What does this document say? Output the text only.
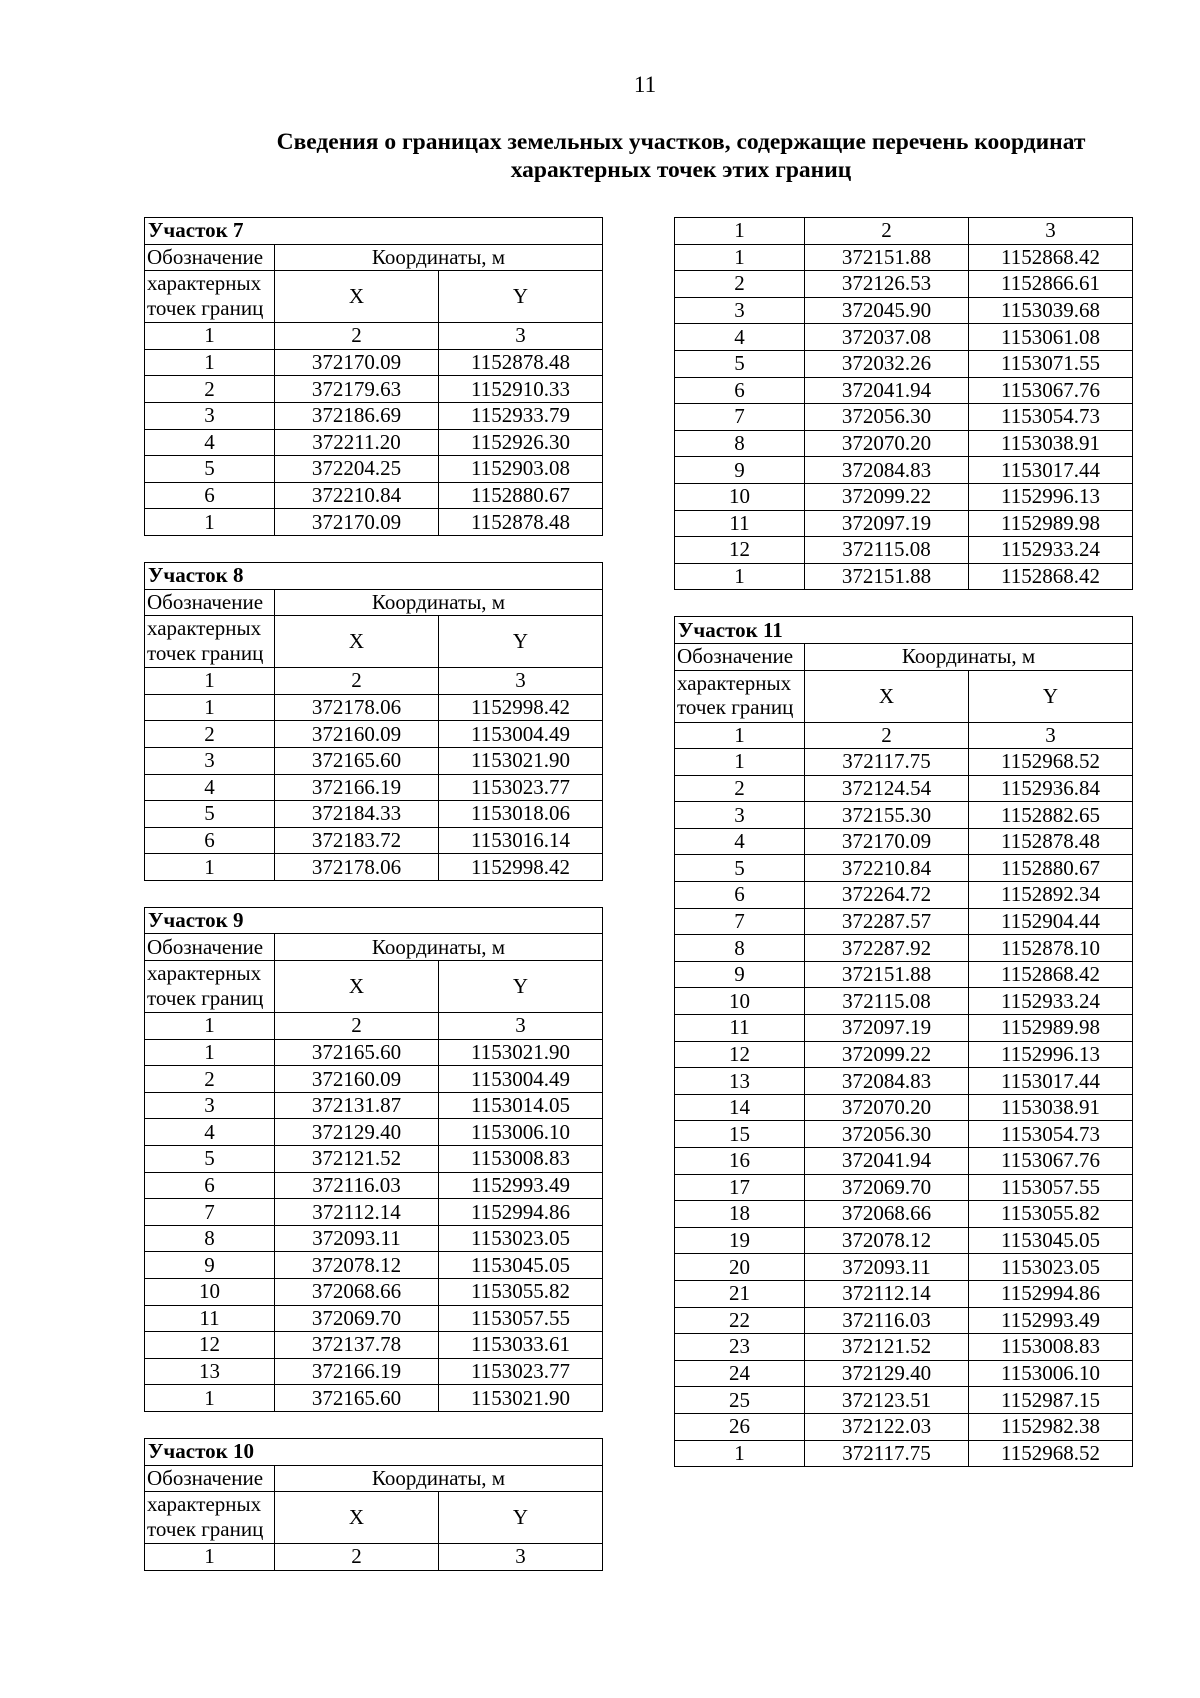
11
Сведения о границах земельных участков, содержащие перечень координат характерных точек этих границ
Участок 7		
Обозначение	Координаты, м	

характерных
точек границ	X	Y
1	2	3
1	372170.09	1152878.48
2	372179.63	1152910.33
3	372186.69	1152933.79
4	372211.20	1152926.30
5	372204.25	1152903.08
6	372210.84	1152880.67
1	372170.09	1152878.48
Участок 8		
Обозначение	Координаты, м	

характерных
точек границ	X	Y
1	2	3
1	372178.06	1152998.42
2	372160.09	1153004.49
3	372165.60	1153021.90
4	372166.19	1153023.77
5	372184.33	1153018.06
6	372183.72	1153016.14
1	372178.06	1152998.42
Участок 9		
Обозначение	Координаты, м	

характерных
точек границ	X	Y
1	2	3
1	372165.60	1153021.90
2	372160.09	1153004.49
3	372131.87	1153014.05
4	372129.40	1153006.10
5	372121.52	1153008.83
6	372116.03	1152993.49
7	372112.14	1152994.86
8	372093.11	1153023.05
9	372078.12	1153045.05
10	372068.66	1153055.82
11	372069.70	1153057.55
12	372137.78	1153033.61
13	372166.19	1153023.77
1	372165.60	1153021.90
Участок 10		
Обозначение	Координаты, м	

характерных
точек границ	X	Y
1	2	3
1	2	3
1	372151.88	1152868.42
2	372126.53	1152866.61
3	372045.90	1153039.68
4	372037.08	1153061.08
5	372032.26	1153071.55
6	372041.94	1153067.76
7	372056.30	1153054.73
8	372070.20	1153038.91
9	372084.83	1153017.44
10	372099.22	1152996.13
11	372097.19	1152989.98
12	372115.08	1152933.24
1	372151.88	1152868.42
Участок 11		
Обозначение	Координаты, м	

характерных
точек границ	X	Y
1	2	3
1	372117.75	1152968.52
2	372124.54	1152936.84
3	372155.30	1152882.65
4	372170.09	1152878.48
5	372210.84	1152880.67
6	372264.72	1152892.34
7	372287.57	1152904.44
8	372287.92	1152878.10
9	372151.88	1152868.42
10	372115.08	1152933.24
11	372097.19	1152989.98
12	372099.22	1152996.13
13	372084.83	1153017.44
14	372070.20	1153038.91
15	372056.30	1153054.73
16	372041.94	1153067.76
17	372069.70	1153057.55
18	372068.66	1153055.82
19	372078.12	1153045.05
20	372093.11	1153023.05
21	372112.14	1152994.86
22	372116.03	1152993.49
23	372121.52	1153008.83
24	372129.40	1153006.10
25	372123.51	1152987.15
26	372122.03	1152982.38
1	372117.75	1152968.52
